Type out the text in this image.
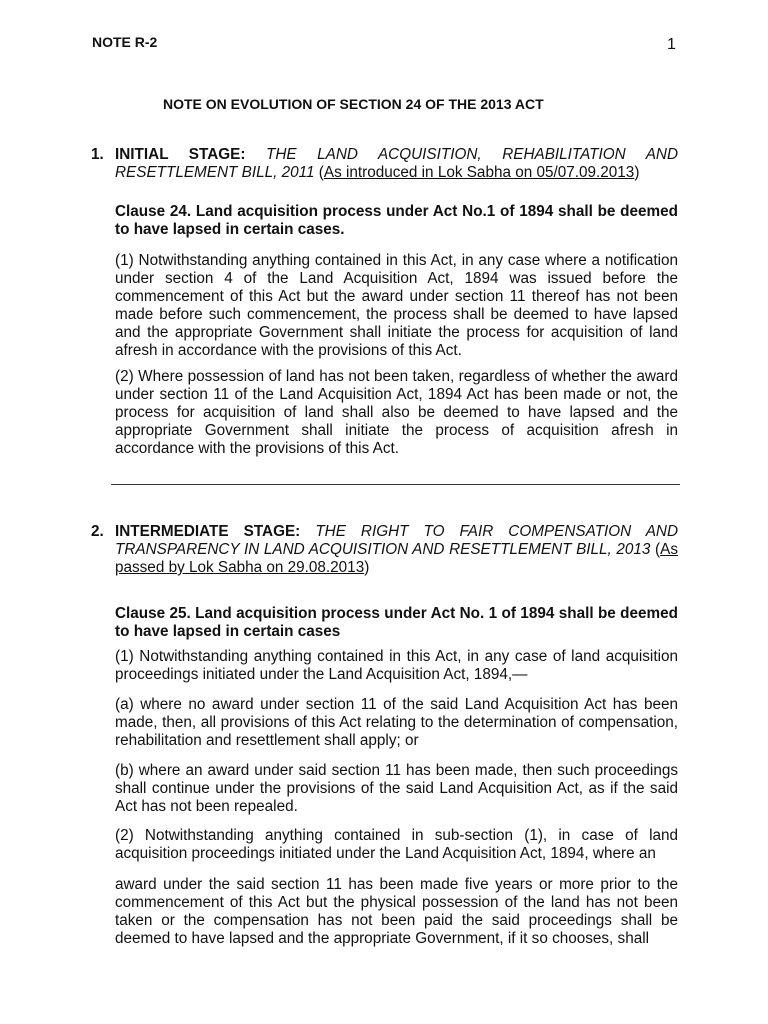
NOTE R-2	1
NOTE ON EVOLUTION OF SECTION 24 OF THE 2013 ACT
1. INITIAL STAGE: THE LAND ACQUISITION, REHABILITATION AND RESETTLEMENT BILL, 2011 (As introduced in Lok Sabha on 05/07.09.2013)
Clause 24. Land acquisition process under Act No.1 of 1894 shall be deemed to have lapsed in certain cases.
(1) Notwithstanding anything contained in this Act, in any case where a notification under section 4 of the Land Acquisition Act, 1894 was issued before the commencement of this Act but the award under section 11 thereof has not been made before such commencement, the process shall be deemed to have lapsed and the appropriate Government shall initiate the process for acquisition of land afresh in accordance with the provisions of this Act.
(2) Where possession of land has not been taken, regardless of whether the award under section 11 of the Land Acquisition Act, 1894 Act has been made or not, the process for acquisition of land shall also be deemed to have lapsed and the appropriate Government shall initiate the process of acquisition afresh in accordance with the provisions of this Act.
2. INTERMEDIATE STAGE: THE RIGHT TO FAIR COMPENSATION AND TRANSPARENCY IN LAND ACQUISITION AND RESETTLEMENT BILL, 2013 (As passed by Lok Sabha on 29.08.2013)
Clause 25. Land acquisition process under Act No. 1 of 1894 shall be deemed to have lapsed in certain cases
(1) Notwithstanding anything contained in this Act, in any case of land acquisition proceedings initiated under the Land Acquisition Act, 1894,—
(a) where no award under section 11 of the said Land Acquisition Act has been made, then, all provisions of this Act relating to the determination of compensation, rehabilitation and resettlement shall apply; or
(b) where an award under said section 11 has been made, then such proceedings shall continue under the provisions of the said Land Acquisition Act, as if the said Act has not been repealed.
(2) Notwithstanding anything contained in sub-section (1), in case of land acquisition proceedings initiated under the Land Acquisition Act, 1894, where an
award under the said section 11 has been made five years or more prior to the commencement of this Act but the physical possession of the land has not been taken or the compensation has not been paid the said proceedings shall be deemed to have lapsed and the appropriate Government, if it so chooses, shall
